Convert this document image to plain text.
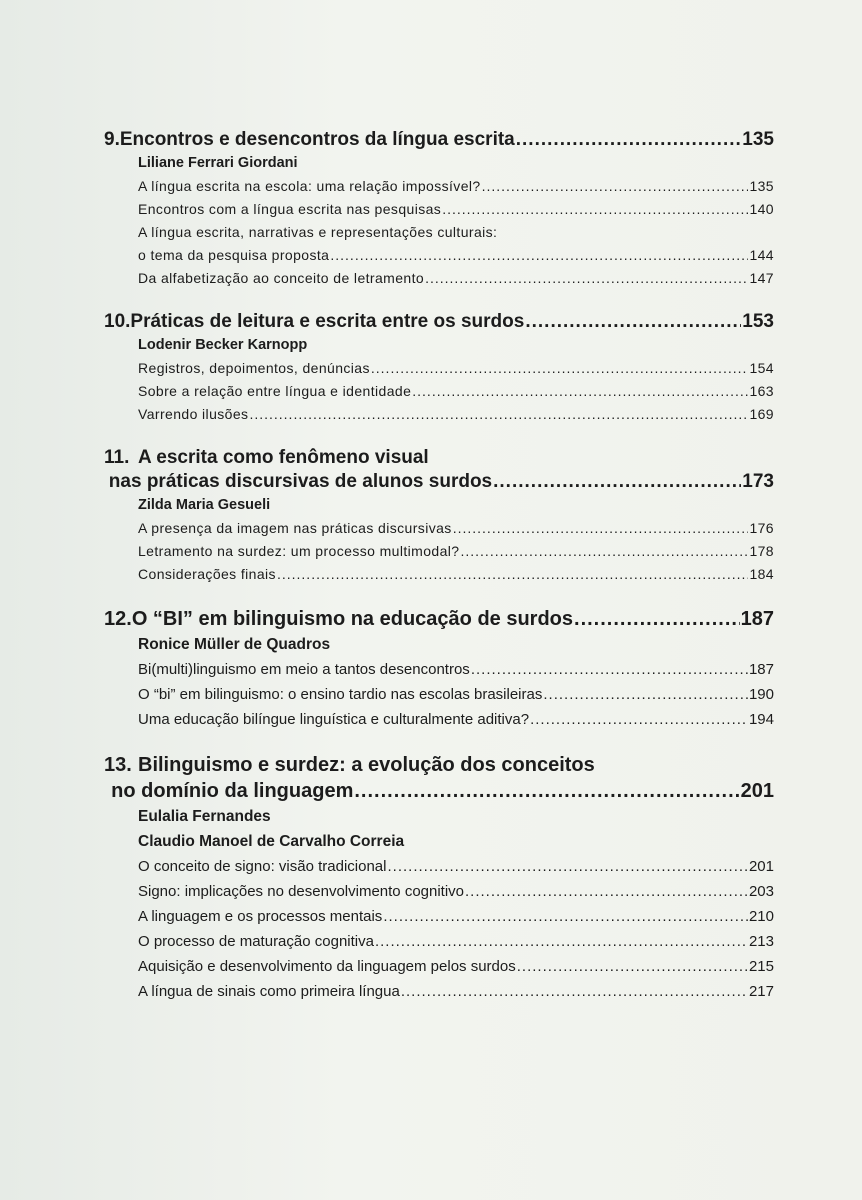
9. Encontros e desencontros da língua escrita .....	135
Liliane Ferrari Giordani
A língua escrita na escola: uma relação impossível? .....	135
Encontros com a língua escrita nas pesquisas .....	140
A língua escrita, narrativas e representações culturais:
o tema da pesquisa proposta .....	144
Da alfabetização ao conceito de letramento .....	147
10. Práticas de leitura e escrita entre os surdos .....	153
Lodenir Becker Karnopp
Registros, depoimentos, denúncias .....	154
Sobre a relação entre língua e identidade .....	163
Varrendo ilusões .....	169
11. A escrita como fenômeno visual
nas práticas discursivas de alunos surdos .....	173
Zilda Maria Gesueli
A presença da imagem nas práticas discursivas .....	176
Letramento na surdez: um processo multimodal? .....	178
Considerações finais .....	184
12. O “BI” em bilinguismo na educação de surdos .....	187
Ronice Müller de Quadros
Bi(multi)linguismo em meio a tantos desencontros .....	187
O “bi” em bilinguismo: o ensino tardio nas escolas brasileiras .....	190
Uma educação bilíngue linguística e culturalmente aditiva? .....	194
13. Bilinguismo e surdez: a evolução dos conceitos
no domínio da linguagem .....	201
Eulalia Fernandes
Claudio Manoel de Carvalho Correia
O conceito de signo: visão tradicional .....	201
Signo: implicações no desenvolvimento cognitivo .....	203
A linguagem e os processos mentais .....	210
O processo de maturação cognitiva .....	213
Aquisição e desenvolvimento da linguagem pelos surdos .....	215
A língua de sinais como primeira língua .....	217
